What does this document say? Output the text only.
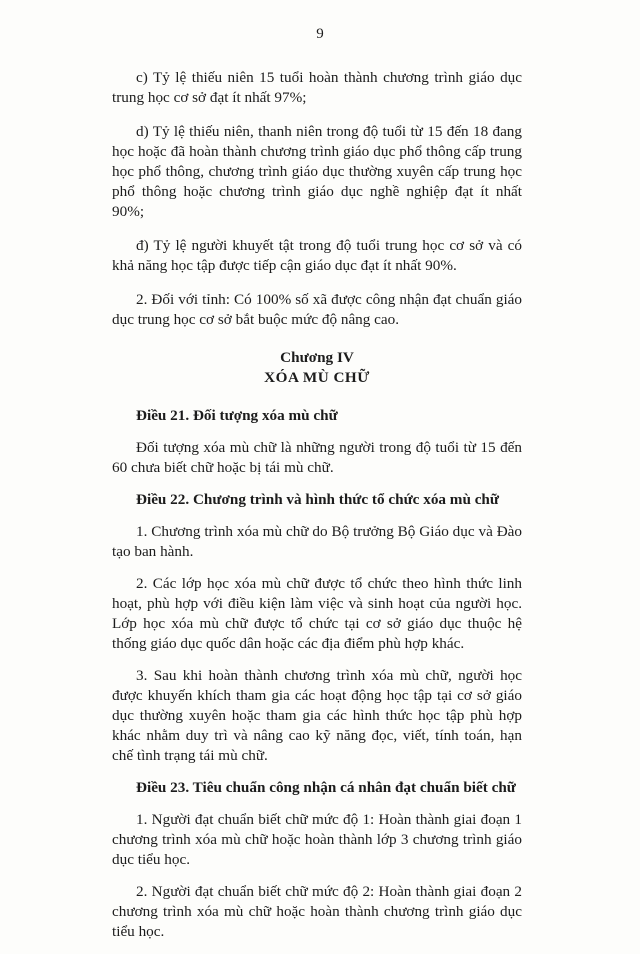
9

c) Tỷ lệ thiếu niên 15 tuổi hoàn thành chương trình giáo dục trung học cơ sở đạt ít nhất 97%;

d) Tỷ lệ thiếu niên, thanh niên trong độ tuổi từ 15 đến 18 đang học hoặc đã hoàn thành chương trình giáo dục phổ thông cấp trung học phổ thông, chương trình giáo dục thường xuyên cấp trung học phổ thông hoặc chương trình giáo dục nghề nghiệp đạt ít nhất 90%;

đ) Tỷ lệ người khuyết tật trong độ tuổi trung học cơ sở và có khả năng học tập được tiếp cận giáo dục đạt ít nhất 90%.

2. Đối với tỉnh: Có 100% số xã được công nhận đạt chuẩn giáo dục trung học cơ sở bắt buộc mức độ nâng cao.

Chương IV
XÓA MÙ CHỮ

Điều 21. Đối tượng xóa mù chữ

Đối tượng xóa mù chữ là những người trong độ tuổi từ 15 đến 60 chưa biết chữ hoặc bị tái mù chữ.

Điều 22. Chương trình và hình thức tổ chức xóa mù chữ

1. Chương trình xóa mù chữ do Bộ trưởng Bộ Giáo dục và Đào tạo ban hành.

2. Các lớp học xóa mù chữ được tổ chức theo hình thức linh hoạt, phù hợp với điều kiện làm việc và sinh hoạt của người học. Lớp học xóa mù chữ được tổ chức tại cơ sở giáo dục thuộc hệ thống giáo dục quốc dân hoặc các địa điểm phù hợp khác.

3. Sau khi hoàn thành chương trình xóa mù chữ, người học được khuyến khích tham gia các hoạt động học tập tại cơ sở giáo dục thường xuyên hoặc tham gia các hình thức học tập phù hợp khác nhằm duy trì và nâng cao kỹ năng đọc, viết, tính toán, hạn chế tình trạng tái mù chữ.

Điều 23. Tiêu chuẩn công nhận cá nhân đạt chuẩn biết chữ

1. Người đạt chuẩn biết chữ mức độ 1: Hoàn thành giai đoạn 1 chương trình xóa mù chữ hoặc hoàn thành lớp 3 chương trình giáo dục tiểu học.

2. Người đạt chuẩn biết chữ mức độ 2: Hoàn thành giai đoạn 2 chương trình xóa mù chữ hoặc hoàn thành chương trình giáo dục tiểu học.
